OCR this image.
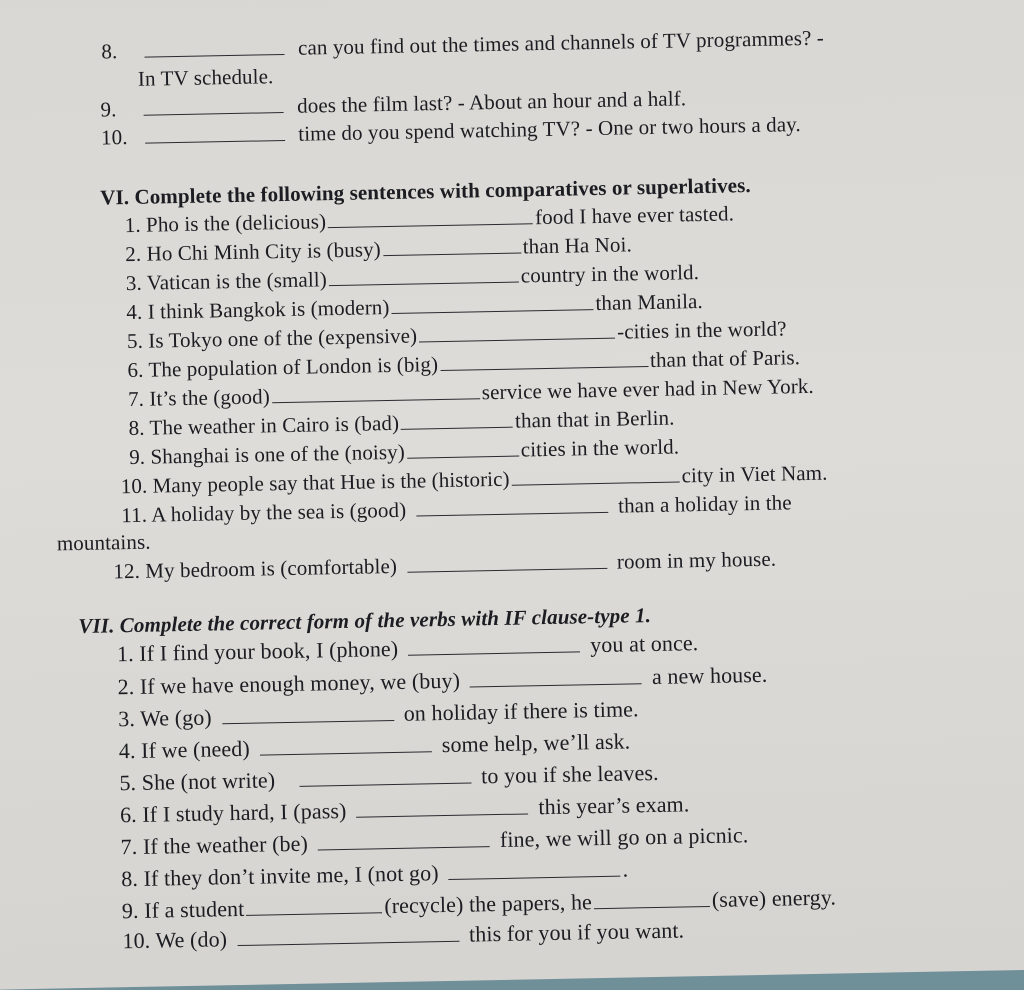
8.	can you find out the times and channels of TV programmes? -
In TV schedule.
9.	does the film last? - About an hour and a half.
10.	time do you spend watching TV? - One or two hours a day.
VI. Complete the following sentences with comparatives or superlatives.
1. Pho is the (delicious)	food I have ever tasted.
2. Ho Chi Minh City is (busy)	than Ha Noi.
3. Vatican is the (small)	country in the world.
4. I think Bangkok is (modern)	than Manila.
5. Is Tokyo one of the (expensive)	-cities in the world?
6. The population of London is (big)	than that of Paris.
7. It’s the (good)	service we have ever had in New York.
8. The weather in Cairo is (bad)	than that in Berlin.
9. Shanghai is one of the (noisy)	cities in the world.
10. Many people say that Hue is the (historic)	city in Viet Nam.
11. A holiday by the sea is (good)	than a holiday in the
mountains.
12. My bedroom is (comfortable)	room in my house.
VII. Complete the correct form of the verbs with IF clause-type 1.
1. If I find your book, I (phone)	you at once.
2. If we have enough money, we (buy)	a new house.
3. We (go)	on holiday if there is time.
4. If we (need)	some help, we’ll ask.
5. She (not write)	to you if she leaves.
6. If I study hard, I (pass)	this year’s exam.
7. If the weather (be)	fine, we will go on a picnic.
8. If they don’t invite me, I (not go)	.
9. If a student	(recycle) the papers, he	(save) energy.
10. We (do)	this for you if you want.
